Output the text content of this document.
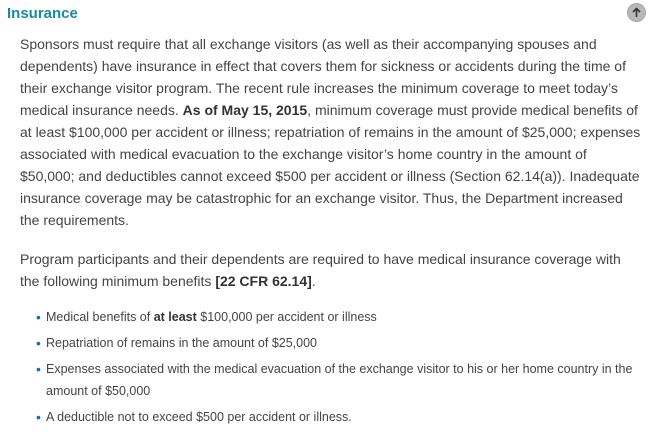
Insurance

Sponsors must require that all exchange visitors (as well as their accompanying spouses and dependents) have insurance in effect that covers them for sickness or accidents during the time of their exchange visitor program. The recent rule increases the minimum coverage to meet today’s medical insurance needs. As of May 15, 2015, minimum coverage must provide medical benefits of at least $100,000 per accident or illness; repatriation of remains in the amount of $25,000; expenses associated with medical evacuation to the exchange visitor’s home country in the amount of $50,000; and deductibles cannot exceed $500 per accident or illness (Section 62.14(a)). Inadequate insurance coverage may be catastrophic for an exchange visitor. Thus, the Department increased the requirements.

Program participants and their dependents are required to have medical insurance coverage with the following minimum benefits [22 CFR 62.14].

• Medical benefits of at least $100,000 per accident or illness
• Repatriation of remains in the amount of $25,000
• Expenses associated with the medical evacuation of the exchange visitor to his or her home country in the amount of $50,000
• A deductible not to exceed $500 per accident or illness.
